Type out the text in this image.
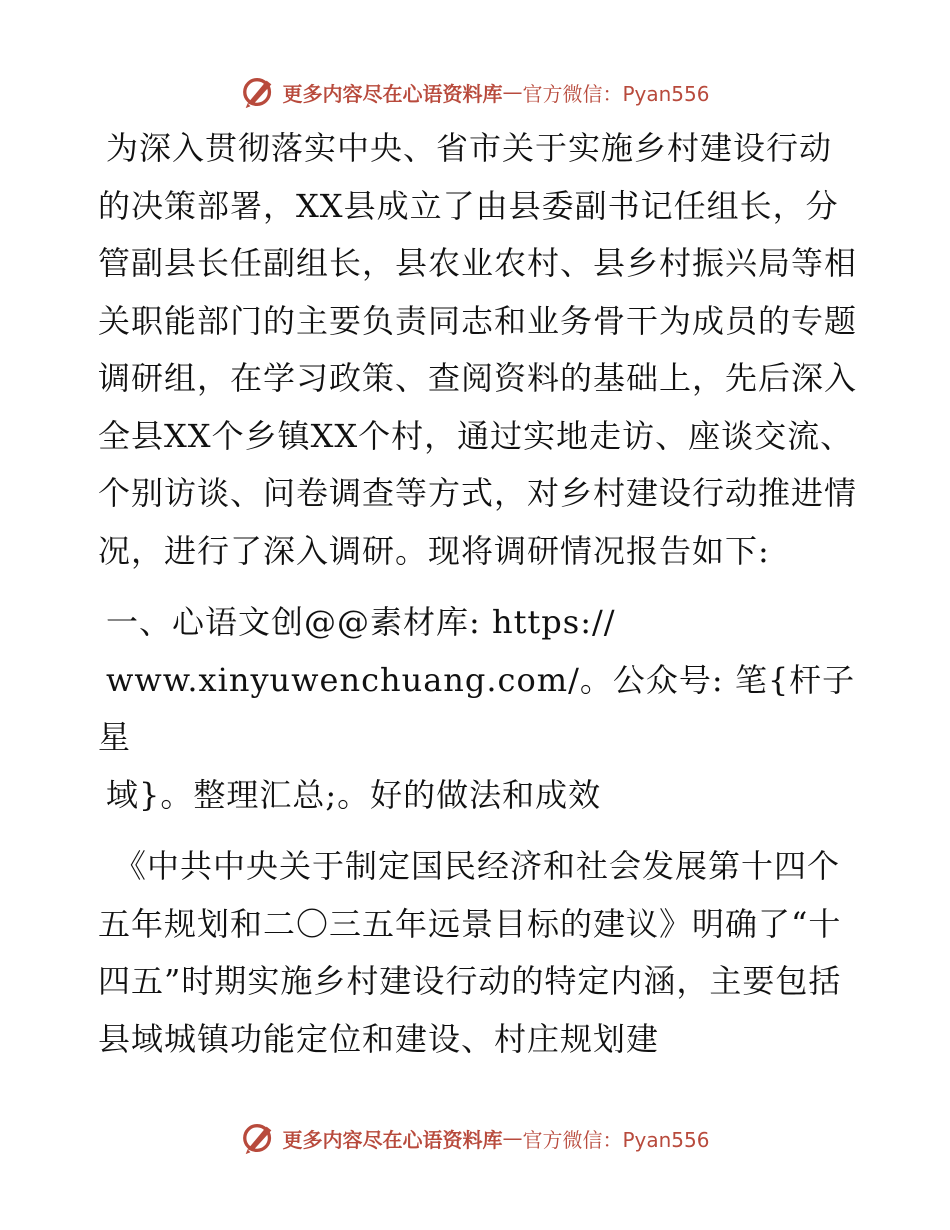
更多内容尽在心语资料库 — 官方微信：Pyan556

为深入贯彻落实中央、省市关于实施乡村建设行动的决策部署，XX县成立了由县委副书记任组长，分管副县长任副组长，县农业农村、县乡村振兴局等相关职能部门的主要负责同志和业务骨干为成员的专题调研组，在学习政策、查阅资料的基础上，先后深入全县XX个乡镇XX个村，通过实地走访、座谈交流、个别访谈、问卷调查等方式，对乡村建设行动推进情况，进行了深入调研。现将调研情况报告如下:

一、心语文创@@素材库: https://
www.xinyuwenchuang.com/。公众号: 笔{杆子星
域}。整理汇总;。好的做法和成效

《中共中央关于制定国民经济和社会发展第十四个五年规划和二〇三五年远景目标的建议》明确了“十四五”时期实施乡村建设行动的特定内涵，主要包括县域城镇功能定位和建设、村庄规划建

更多内容尽在心语资料库 — 官方微信：Pyan556
